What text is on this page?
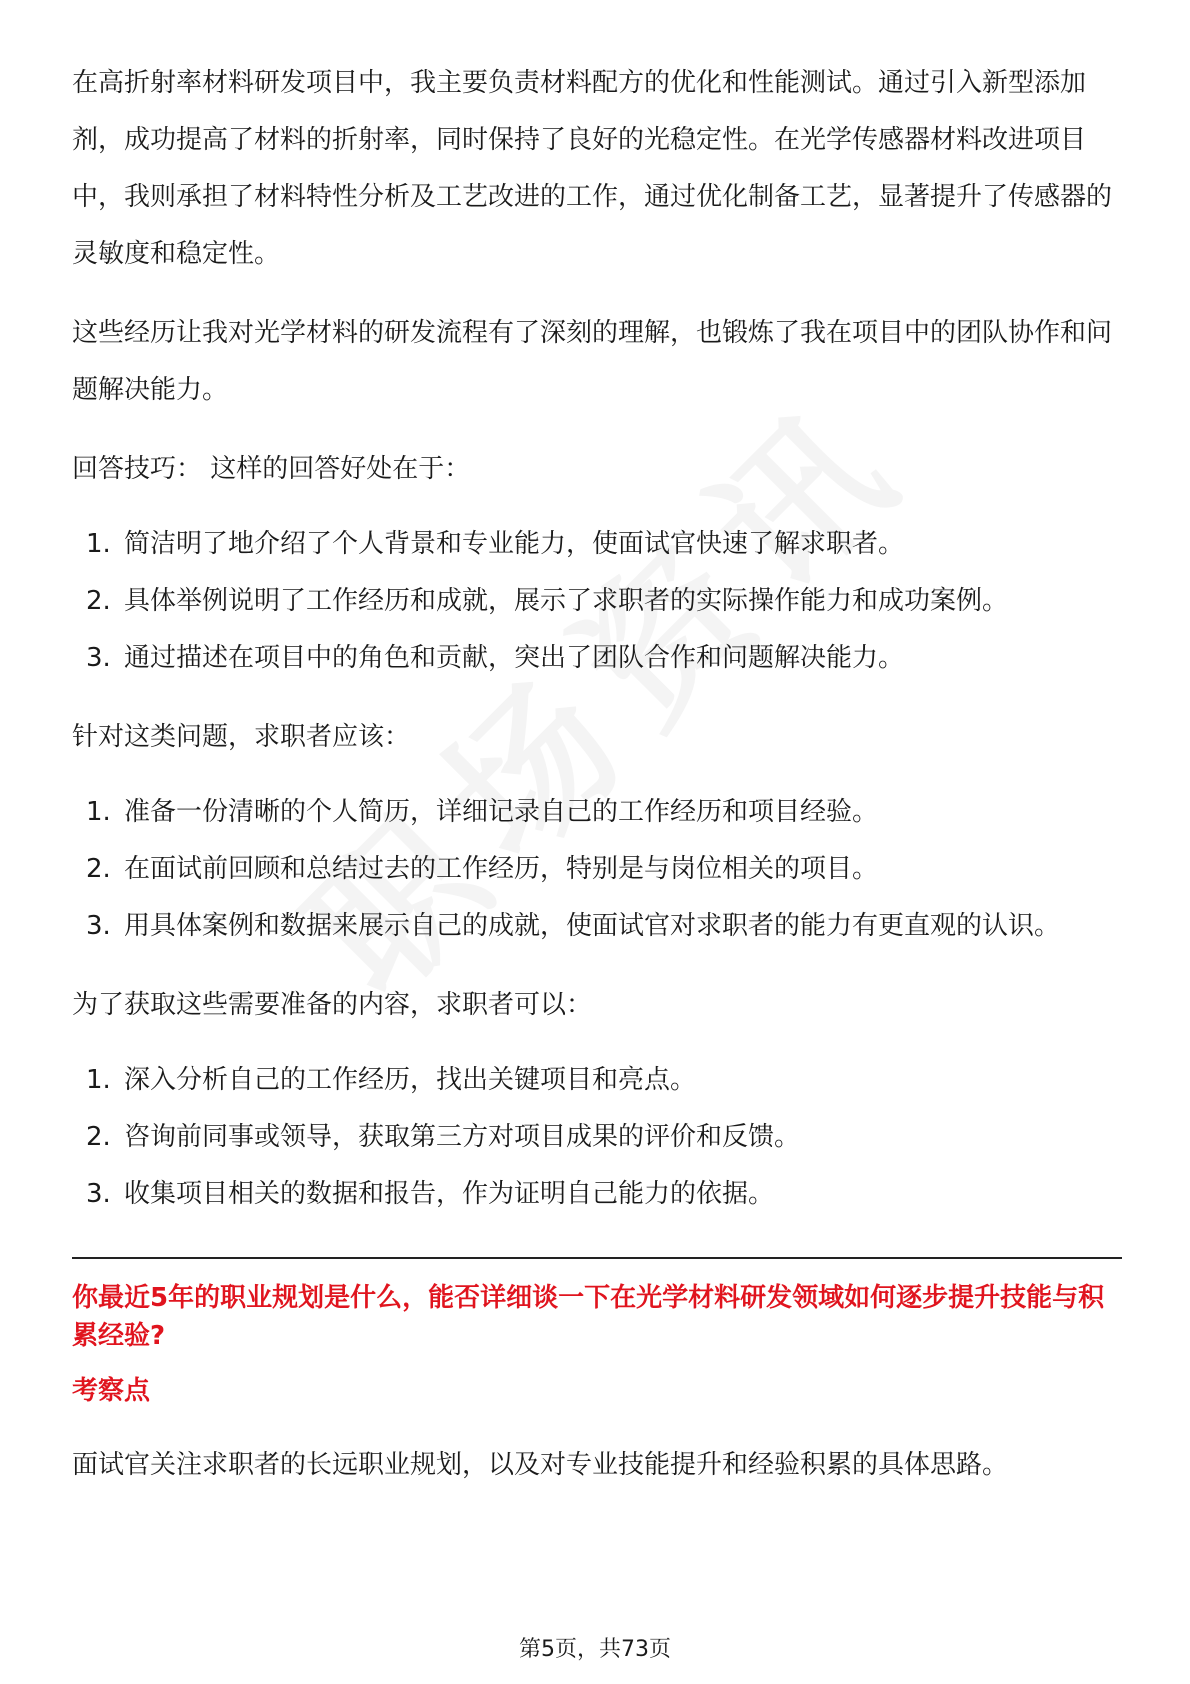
在高折射率材料研发项目中，我主要负责材料配方的优化和性能测试。通过引入新型添加剂，成功提高了材料的折射率，同时保持了良好的光稳定性。在光学传感器材料改进项目中，我则承担了材料特性分析及工艺改进的工作，通过优化制备工艺，显著提升了传感器的灵敏度和稳定性。

这些经历让我对光学材料的研发流程有了深刻的理解，也锻炼了我在项目中的团队协作和问题解决能力。

回答技巧： 这样的回答好处在于：

1. 简洁明了地介绍了个人背景和专业能力，使面试官快速了解求职者。
2. 具体举例说明了工作经历和成就，展示了求职者的实际操作能力和成功案例。
3. 通过描述在项目中的角色和贡献，突出了团队合作和问题解决能力。

针对这类问题，求职者应该：

1. 准备一份清晰的个人简历，详细记录自己的工作经历和项目经验。
2. 在面试前回顾和总结过去的工作经历，特别是与岗位相关的项目。
3. 用具体案例和数据来展示自己的成就，使面试官对求职者的能力有更直观的认识。

为了获取这些需要准备的内容，求职者可以：

1. 深入分析自己的工作经历，找出关键项目和亮点。
2. 咨询前同事或领导，获取第三方对项目成果的评价和反馈。
3. 收集项目相关的数据和报告，作为证明自己能力的依据。

你最近5年的职业规划是什么，能否详细谈一下在光学材料研发领域如何逐步提升技能与积累经验?

考察点

面试官关注求职者的长远职业规划，以及对专业技能提升和经验积累的具体思路。

第5页，共73页
